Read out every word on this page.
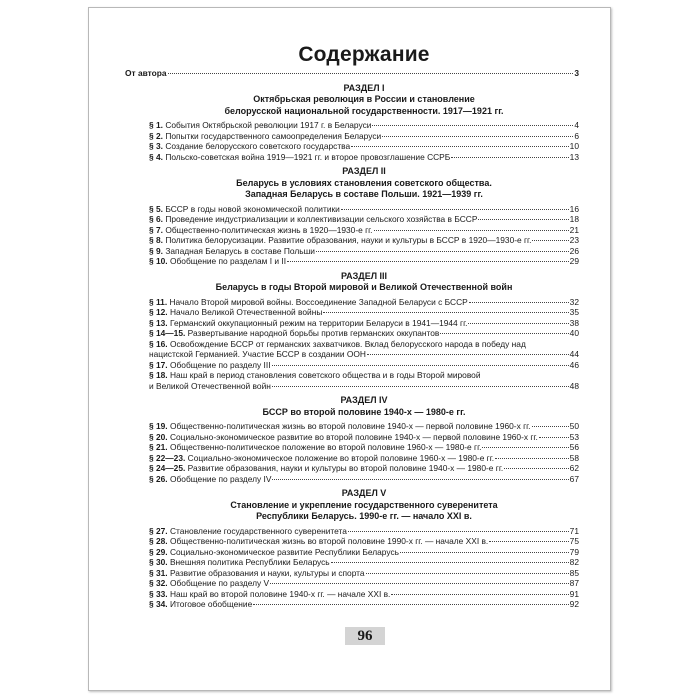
Содержание
От автора	3
РАЗДЕЛ I
Октябрьская революция в России и становление
белорусской национальной государственности. 1917—1921 гг.
§ 1. События Октябрьской революции 1917 г. в Беларуси	4
§ 2. Попытки государственного самоопределения Беларуси	6
§ 3. Создание белорусского советского государства	10
§ 4. Польско-советская война 1919—1921 гг. и второе провозглашение ССРБ	13
РАЗДЕЛ II
Беларусь в условиях становления советского общества.
Западная Беларусь в составе Польши. 1921—1939 гг.
§ 5. БССР в годы новой экономической политики	16
§ 6. Проведение индустриализации и коллективизации сельского хозяйства в БССР	18
§ 7. Общественно-политическая жизнь в 1920—1930-е гг.	21
§ 8. Политика белорусизации. Развитие образования, науки и культуры в БССР в 1920—1930-е гг.	23
§ 9. Западная Беларусь в составе Польши	26
§ 10. Обобщение по разделам I и II	29
РАЗДЕЛ III
Беларусь в годы Второй мировой и Великой Отечественной войн
§ 11. Начало Второй мировой войны. Воссоединение Западной Беларуси с БССР	32
§ 12. Начало Великой Отечественной войны	35
§ 13. Германский оккупационный режим на территории Беларуси в 1941—1944 гг.	38
§ 14—15. Развертывание народной борьбы против германских оккупантов	40
§ 16. Освобождение БССР от германских захватчиков. Вклад белорусского народа в победу над
нацистской Германией. Участие БССР в создании ООН	44
§ 17. Обобщение по разделу III	46
§ 18. Наш край в период становления советского общества и в годы Второй мировой
и Великой Отечественной войн	48
РАЗДЕЛ IV
БССР во второй половине 1940-х — 1980-е гг.
§ 19. Общественно-политическая жизнь во второй половине 1940-х — первой половине 1960-х гг.	50
§ 20. Социально-экономическое развитие во второй половине 1940-х — первой половине 1960-х гг.	53
§ 21. Общественно-политическое положение во второй половине 1960-х — 1980-е гг.	56
§ 22—23. Социально-экономическое положение во второй половине 1960-х — 1980-е гг.	58
§ 24—25. Развитие образования, науки и культуры во второй половине 1940-х — 1980-е гг.	62
§ 26. Обобщение по разделу IV	67
РАЗДЕЛ V
Становление и укрепление государственного суверенитета
Республики Беларусь. 1990-е гг. — начало XXI в.
§ 27. Становление государственного суверенитета	71
§ 28. Общественно-политическая жизнь во второй половине 1990-х гг. — начале XXI в.	75
§ 29. Социально-экономическое развитие Республики Беларусь	79
§ 30. Внешняя политика Республики Беларусь	82
§ 31. Развитие образования и науки, культуры и спорта	85
§ 32. Обобщение по разделу V	87
§ 33. Наш край во второй половине 1940-х гг. — начале XXI в.	91
§ 34. Итоговое обобщение	92
96
